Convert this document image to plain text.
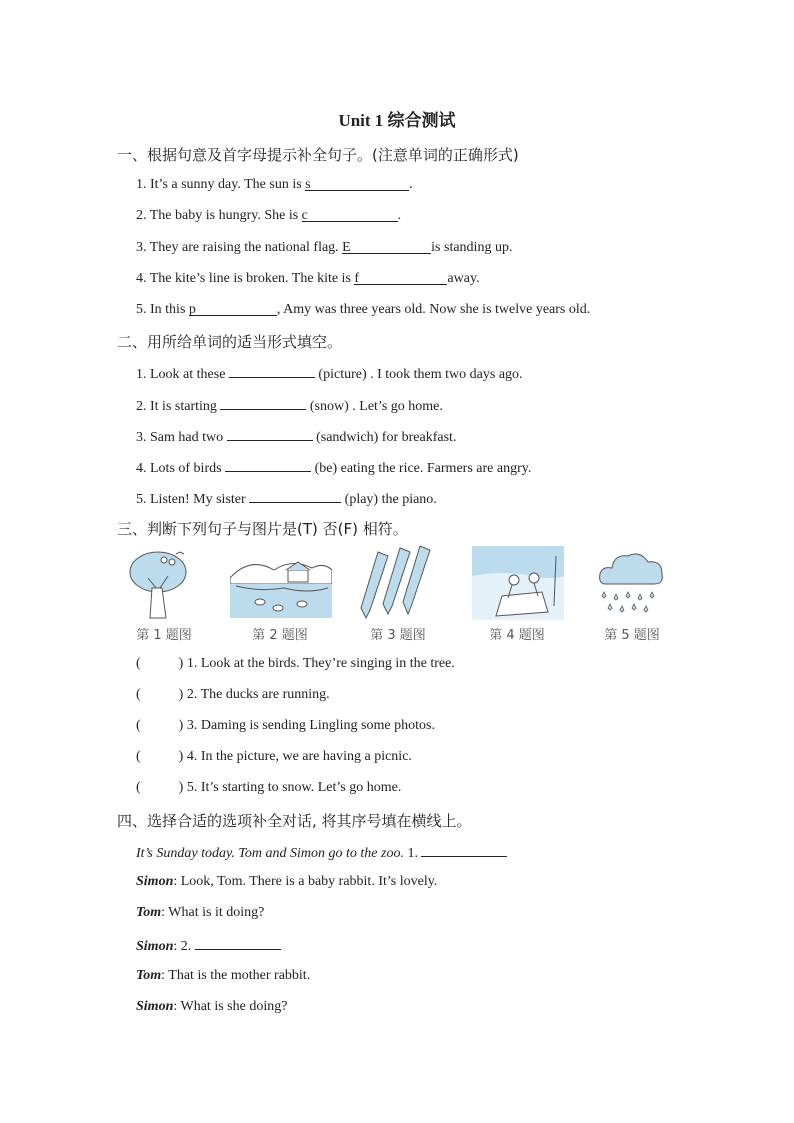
Unit 1 综合测试
一、根据句意及首字母提示补全句子。(注意单词的正确形式)
1. It’s a sunny day. The sun is s	.
2. The baby is hungry. She is c	.
3. They are raising the national flag. E	is standing up.
4. The kite’s line is broken. The kite is f	away.
5. In this p	, Amy was three years old. Now she is twelve years old.
二、用所给单词的适当形式填空。
1. Look at these	(picture) . I took them two days ago.
2. It is starting	(snow) . Let’s go home.
3. Sam had two	(sandwich) for breakfast.
4. Lots of birds	(be) eating the rice. Farmers are angry.
5. Listen! My sister	(play) the piano.
三、判断下列句子与图片是(T) 否(F) 相符。
第 1 题图	第 2 题图	第 3 题图	第 4 题图	第 5 题图
(	) 1. Look at the birds. They’re singing in the tree.
(	) 2. The ducks are running.
(	) 3. Daming is sending Lingling some photos.
(	) 4. In the picture, we are having a picnic.
(	) 5. It’s starting to snow. Let’s go home.
四、选择合适的选项补全对话, 将其序号填在横线上。
It’s Sunday today. Tom and Simon go to the zoo. 1.
Simon: Look, Tom. There is a baby rabbit. It’s lovely.
Tom: What is it doing?
Simon: 2.
Tom: That is the mother rabbit.
Simon: What is she doing?
